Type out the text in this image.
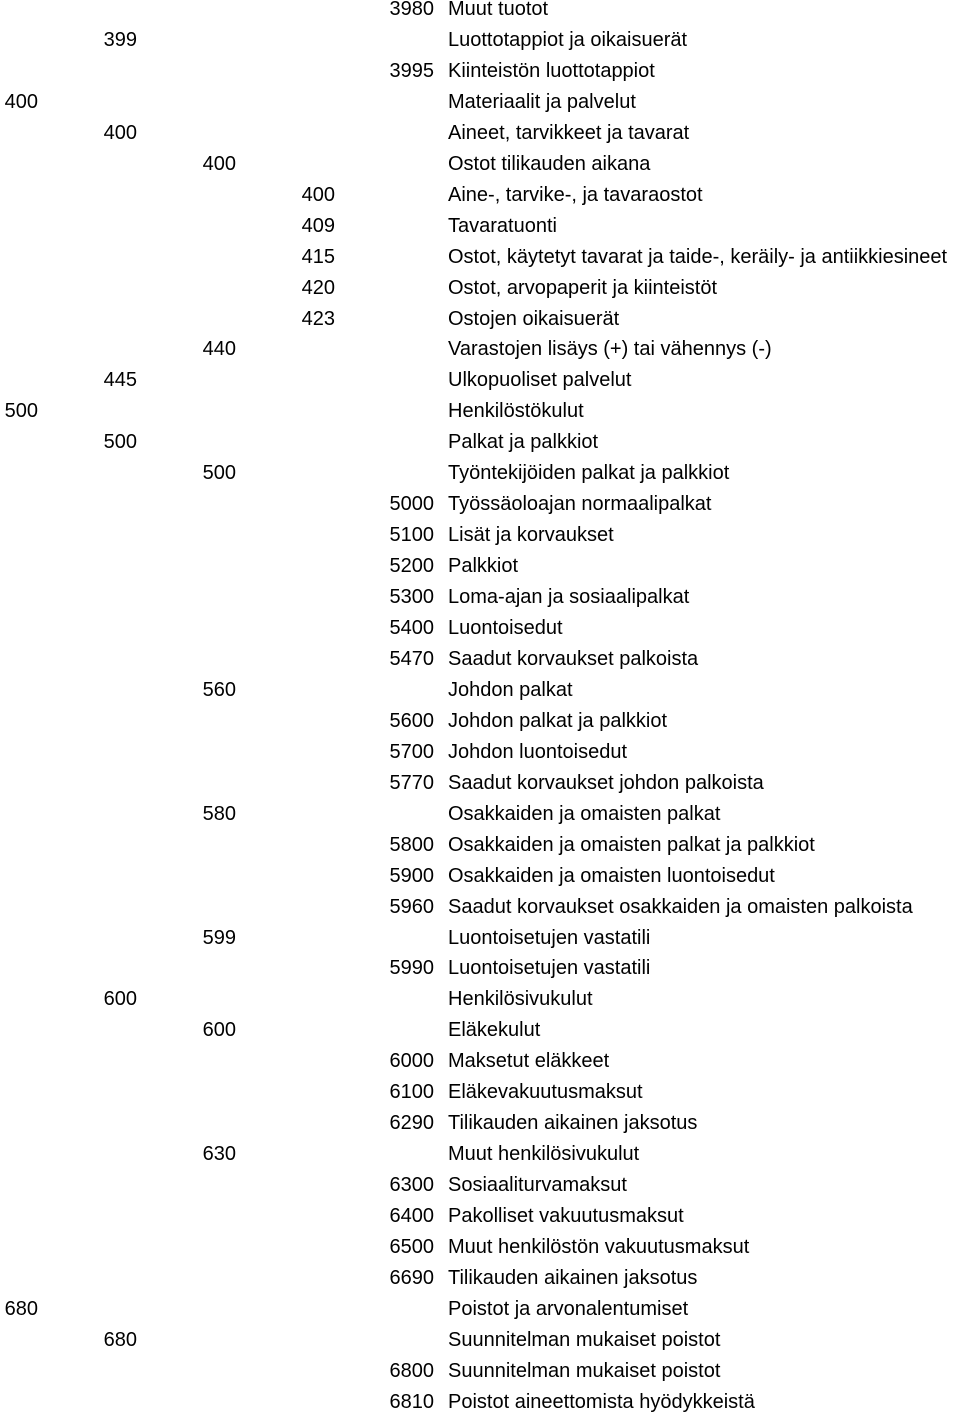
3980 Muut tuotot
399	Luottotappiot ja oikaisuerät
3995 Kiinteistön luottotappiot
400	Materiaalit ja palvelut
400	Aineet, tarvikkeet ja tavarat
400	Ostot tilikauden aikana
400	Aine-, tarvike-, ja tavaraostot
409	Tavaratuonti
415	Ostot, käytetyt tavarat ja taide-, keräily- ja antiikkiesineet
420	Ostot, arvopaperit ja kiinteistöt
423	Ostojen oikaisuerät
440	Varastojen lisäys (+) tai vähennys (-)
445	Ulkopuoliset palvelut
500	Henkilöstökulut
500	Palkat ja palkkiot
500	Työntekijöiden palkat ja palkkiot
5000 Työssäoloajan normaalipalkat
5100 Lisät ja korvaukset
5200 Palkkiot
5300 Loma-ajan ja sosiaalipalkat
5400 Luontoisedut
5470 Saadut korvaukset palkoista
560	Johdon palkat
5600 Johdon palkat ja palkkiot
5700 Johdon luontoisedut
5770 Saadut korvaukset johdon palkoista
580	Osakkaiden ja omaisten palkat
5800 Osakkaiden ja omaisten palkat ja palkkiot
5900 Osakkaiden ja omaisten luontoisedut
5960 Saadut korvaukset osakkaiden ja omaisten palkoista
599	Luontoisetujen vastatili
5990 Luontoisetujen vastatili
600	Henkilösivukulut
600	Eläkekulut
6000 Maksetut eläkkeet
6100 Eläkevakuutusmaksut
6290 Tilikauden aikainen jaksotus
630	Muut henkilösivukulut
6300 Sosiaaliturvamaksut
6400 Pakolliset vakuutusmaksut
6500 Muut henkilöstön vakuutusmaksut
6690 Tilikauden aikainen jaksotus
680	Poistot ja arvonalentumiset
680	Suunnitelman mukaiset poistot
6800 Suunnitelman mukaiset poistot
6810 Poistot aineettomista hyödykkeistä
